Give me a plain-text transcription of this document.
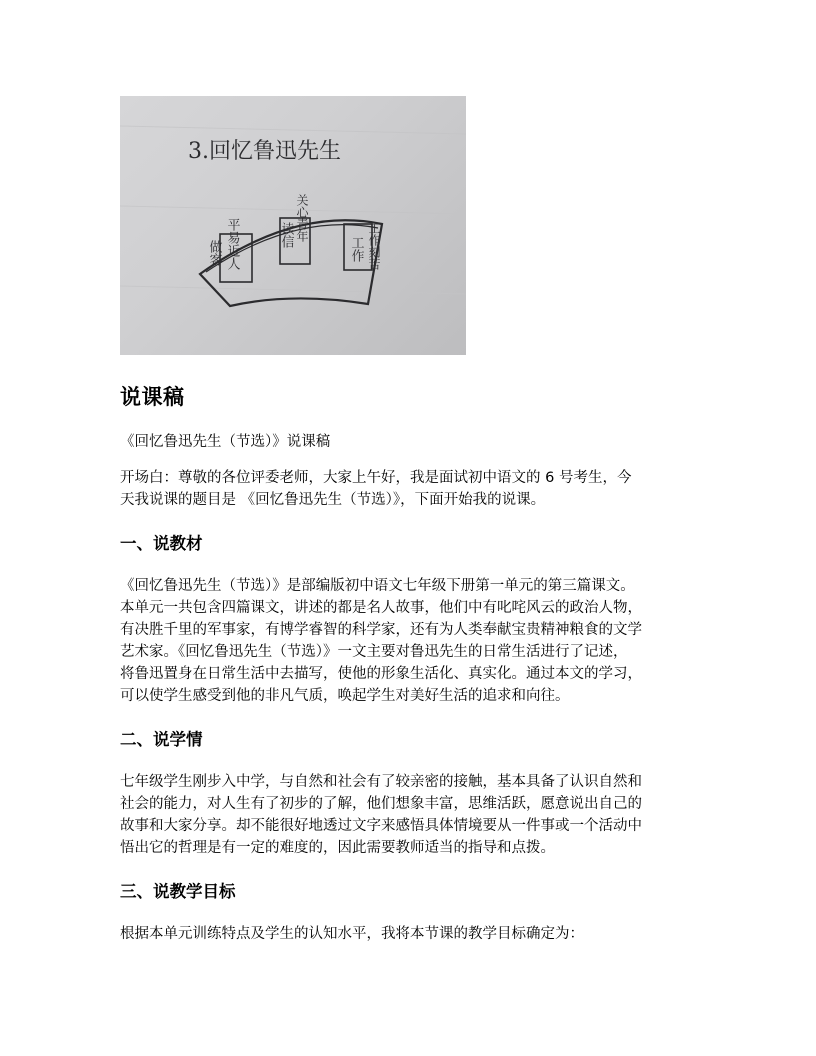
3.回忆鲁迅先生
平易近人
做客
关心青年
读信	工作刻苦
工作
说课稿

《回忆鲁迅先生（节选）》说课稿

开场白：尊敬的各位评委老师，大家上午好，我是面试初中语文的 6 号考生，今

天我说课的题目是 《回忆鲁迅先生（节选）》，下面开始我的说课。

一、说教材

《回忆鲁迅先生（节选）》是部编版初中语文七年级下册第一单元的第三篇课文。

本单元一共包含四篇课文，讲述的都是名人故事，他们中有叱咤风云的政治人物，

有决胜千里的军事家，有博学睿智的科学家，还有为人类奉献宝贵精神粮食的文学

艺术家。《回忆鲁迅先生（节选）》一文主要对鲁迅先生的日常生活进行了记述，

将鲁迅置身在日常生活中去描写，使他的形象生活化、真实化。通过本文的学习，

可以使学生感受到他的非凡气质，唤起学生对美好生活的追求和向往。

二、说学情

七年级学生刚步入中学，与自然和社会有了较亲密的接触，基本具备了认识自然和

社会的能力，对人生有了初步的了解，他们想象丰富，思维活跃，愿意说出自己的

故事和大家分享。却不能很好地透过文字来感悟具体情境要从一件事或一个活动中

悟出它的哲理是有一定的难度的，因此需要教师适当的指导和点拨。

三、说教学目标

根据本单元训练特点及学生的认知水平，我将本节课的教学目标确定为：
